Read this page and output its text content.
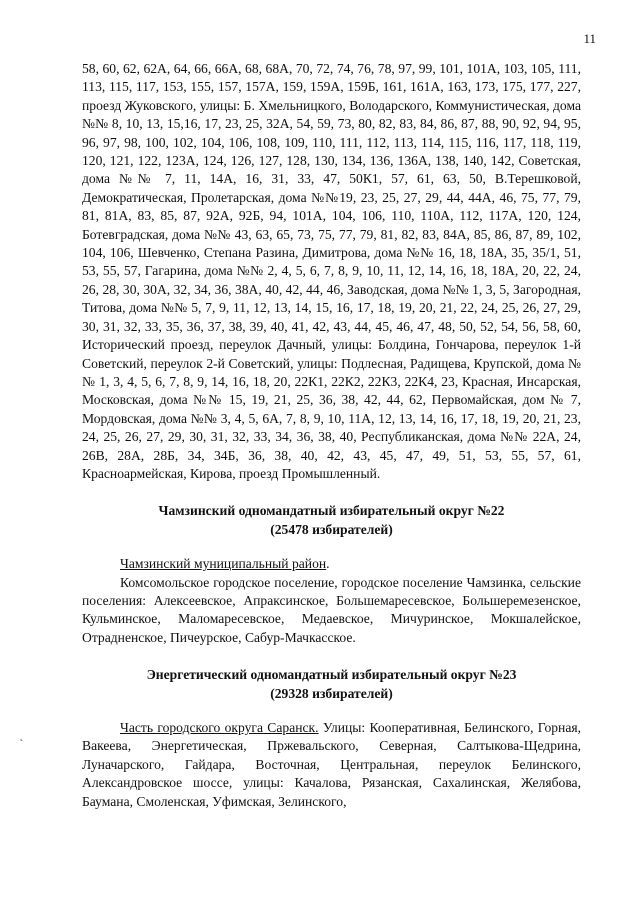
11
˛

58, 60, 62, 62А, 64, 66, 66А, 68, 68А, 70, 72, 74, 76, 78, 97, 99, 101, 101А, 103, 105, 111, 113, 115, 117, 153, 155, 157, 157А, 159, 159А, 159Б, 161, 161А, 163, 173, 175, 177, 227, проезд Жуковского, улицы: Б. Хмельницкого, Володарского, Коммунистическая, дома №№ 8, 10, 13, 15,16, 17, 23, 25, 32А, 54, 59, 73, 80, 82, 83, 84, 86, 87, 88, 90, 92, 94, 95, 96, 97, 98, 100, 102, 104, 106, 108, 109, 110, 111, 112, 113, 114, 115, 116, 117, 118, 119, 120, 121, 122, 123А, 124, 126, 127, 128, 130, 134, 136, 136А, 138, 140, 142, Советская, дома №№ 7, 11, 14А, 16, 31, 33, 47, 50К1, 57, 61, 63, 50, В.Терешковой, Демократическая, Пролетарская, дома №№19, 23, 25, 27, 29, 44, 44А, 46, 75, 77, 79, 81, 81А, 83, 85, 87, 92А, 92Б, 94, 101А, 104, 106, 110, 110А, 112, 117А, 120, 124, Ботевградская, дома №№ 43, 63, 65, 73, 75, 77, 79, 81, 82, 83, 84А, 85, 86, 87, 89, 102, 104, 106, Шевченко, Степана Разина, Димитрова, дома №№ 16, 18, 18А, 35, 35/1, 51, 53, 55, 57, Гагарина, дома №№ 2, 4, 5, 6, 7, 8, 9, 10, 11, 12, 14, 16, 18, 18А, 20, 22, 24, 26, 28, 30, 30А, 32, 34, 36, 38А, 40, 42, 44, 46, Заводская, дома №№ 1, 3, 5, Загородная, Титова, дома №№ 5, 7, 9, 11, 12, 13, 14, 15, 16, 17, 18, 19, 20, 21, 22, 24, 25, 26, 27, 29, 30, 31, 32, 33, 35, 36, 37, 38, 39, 40, 41, 42, 43, 44, 45, 46, 47, 48, 50, 52, 54, 56, 58, 60, Исторический проезд, переулок Дачный, улицы: Болдина, Гончарова, переулок 1-й Советский, переулок 2-й Советский, улицы: Подлесная, Радищева, Крупской, дома №№ 1, 3, 4, 5, 6, 7, 8, 9, 14, 16, 18, 20, 22К1, 22К2, 22К3, 22К4, 23, Красная, Инсарская, Московская, дома №№ 15, 19, 21, 25, 36, 38, 42, 44, 62, Первомайская, дом № 7, Мордовская, дома №№ 3, 4, 5, 6А, 7, 8, 9, 10, 11А, 12, 13, 14, 16, 17, 18, 19, 20, 21, 23, 24, 25, 26, 27, 29, 30, 31, 32, 33, 34, 36, 38, 40, Республиканская, дома №№ 22А, 24, 26В, 28А, 28Б, 34, 34Б, 36, 38, 40, 42, 43, 45, 47, 49, 51, 53, 55, 57, 61, Красноармейская, Кирова, проезд Промышленный.

Чамзинский одномандатный избирательный округ №22

(25478 избирателей)

Чамзинский муниципальный район.

Комсомольское городское поселение, городское поселение Чамзинка, сельские поселения: Алексеевское, Апраксинское, Большемаресевское, Большеремезенское, Кульминское, Маломаресевское, Медаевское, Мичуринское, Мокшалейское, Отрадненское, Пичеурское, Сабур-Мачкасское.

Энергетический одномандатный избирательный округ №23

(29328 избирателей)

Часть городского округа Саранск. Улицы: Кооперативная, Белинского, Горная, Вакеева, Энергетическая, Пржевальского, Северная, Салтыкова-Щедрина, Луначарского, Гайдара, Восточная, Центральная, переулок Белинского, Александровское шоссе, улицы: Качалова, Рязанская, Сахалинская, Желябова, Баумана, Смоленская, Уфимская, Зелинского,
